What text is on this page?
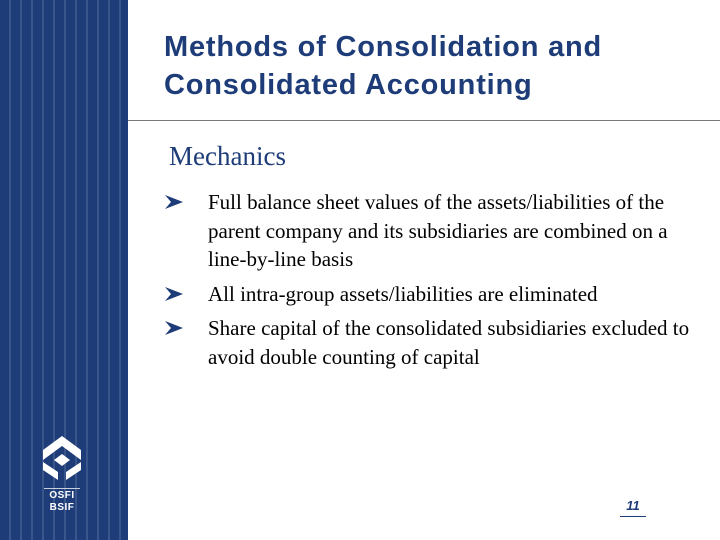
OSFI
BSIF
Methods of Consolidation and Consolidated Accounting
Mechanics
Full balance sheet values of the assets/liabilities of the parent company and its subsidiaries are combined on a line-by-line basis
All intra-group assets/liabilities are eliminated
Share capital of the consolidated subsidiaries excluded to avoid double counting of capital
11
